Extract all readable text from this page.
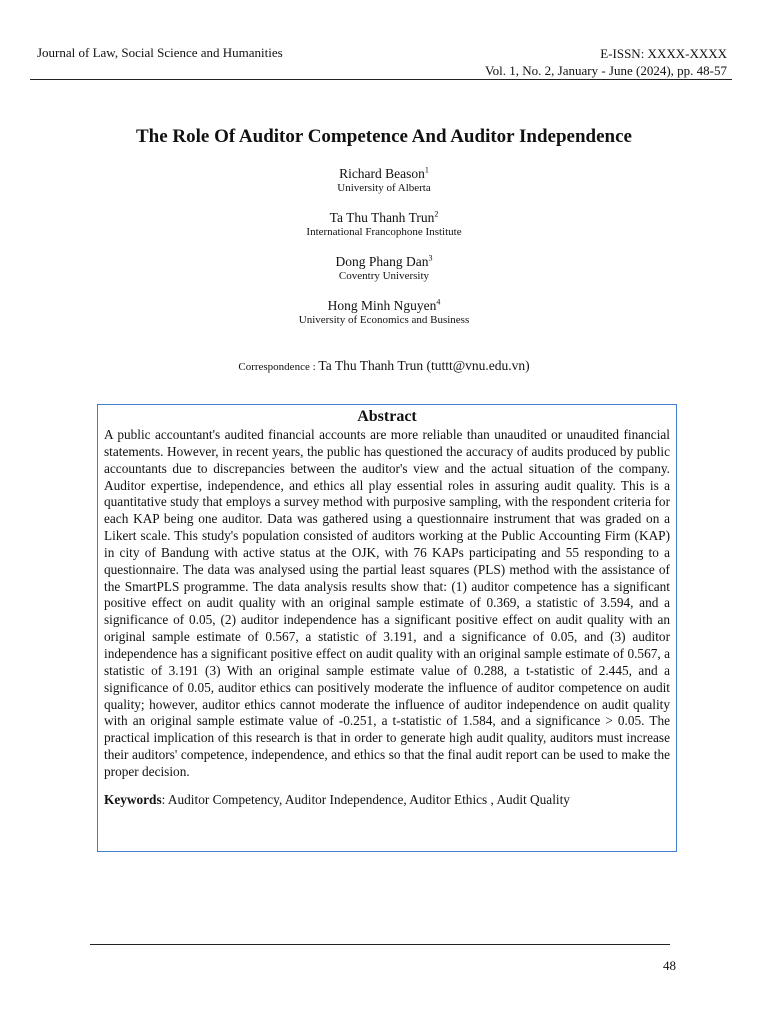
Journal of Law, Social Science and Humanities	E-ISSN: XXXX-XXXX
Vol. 1, No. 2, January - June (2024), pp. 48-57
The Role Of Auditor Competence And Auditor Independence
Richard Beason$^1$
University of Alberta
Ta Thu Thanh Trun$^2$
International Francophone Institute
Dong Phang Dan$^3$
Coventry University
Hong Minh Nguyen$^4$
University of Economics and Business
Correspondence : Ta Thu Thanh Trun (tuttt@vnu.edu.vn)
Abstract

A public accountant's audited financial accounts are more reliable than unaudited or unaudited financial statements. However, in recent years, the public has questioned the accuracy of audits produced by public accountants due to discrepancies between the auditor's view and the actual situation of the company. Auditor expertise, independence, and ethics all play essential roles in assuring audit quality. This is a quantitative study that employs a survey method with purposive sampling, with the respondent criteria for each KAP being one auditor. Data was gathered using a questionnaire instrument that was graded on a Likert scale. This study's population consisted of auditors working at the Public Accounting Firm (KAP) in city of Bandung with active status at the OJK, with 76 KAPs participating and 55 responding to a questionnaire. The data was analysed using the partial least squares (PLS) method with the assistance of the SmartPLS programme. The data analysis results show that: (1) auditor competence has a significant positive effect on audit quality with an original sample estimate of 0.369, a statistic of 3.594, and a significance of 0.05, (2) auditor independence has a significant positive effect on audit quality with an original sample estimate of 0.567, a statistic of 3.191, and a significance of 0.05, and (3) auditor independence has a significant positive effect on audit quality with an original sample estimate of 0.567, a statistic of 3.191 (3) With an original sample estimate value of 0.288, a t-statistic of 2.445, and a significance of 0.05, auditor ethics can positively moderate the influence of auditor competence on audit quality; however, auditor ethics cannot moderate the influence of auditor independence on audit quality with an original sample estimate value of -0.251, a t-statistic of 1.584, and a significance > 0.05. The practical implication of this research is that in order to generate high audit quality, auditors must increase their auditors' competence, independence, and ethics so that the final audit report can be used to make the proper decision.

Keywords: Auditor Competency, Auditor Independence, Auditor Ethics , Audit Quality
48
